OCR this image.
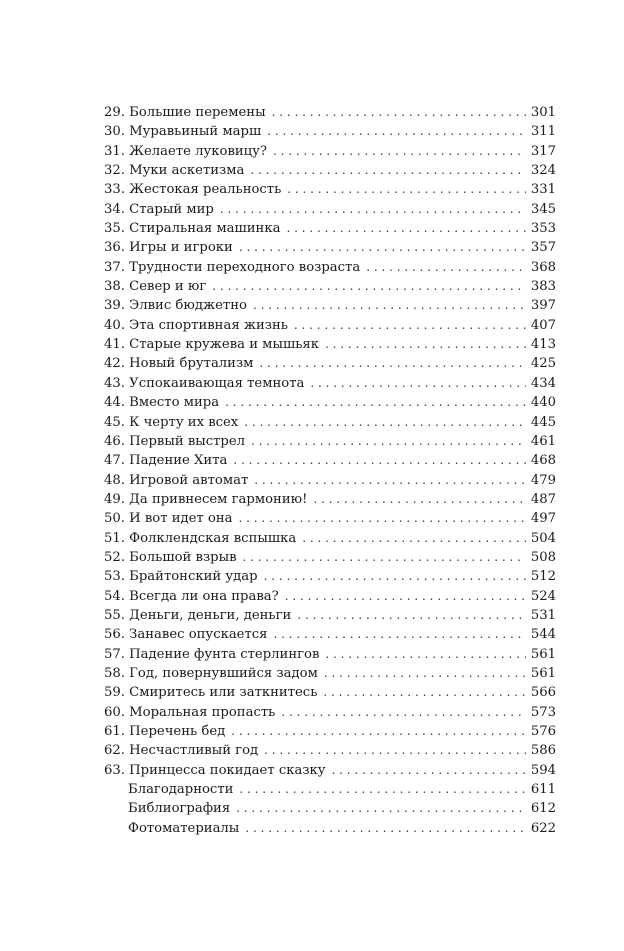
29. Большие перемены . . .	301
30. Муравьиный марш . . .	311
31. Желаете луковицу? . . .	317
32. Муки аскетизма . . .	324
33. Жестокая реальность . . .	331
34. Старый мир . . .	345
35. Стиральная машинка . . .	353
36. Игры и игроки . . .	357
37. Трудности переходного возраста . . .	368
38. Север и юг . . .	383
39. Элвис бюджетно . . .	397
40. Эта спортивная жизнь . . .	407
41. Старые кружева и мышьяк . . .	413
42. Новый брутализм . . .	425
43. Успокаивающая темнота . . .	434
44. Вместо мира . . .	440
45. К черту их всех . . .	445
46. Первый выстрел . . .	461
47. Падение Хита . . .	468
48. Игровой автомат . . .	479
49. Да привнесем гармонию! . . .	487
50. И вот идет она . . .	497
51. Фолклендская вспышка . . .	504
52. Большой взрыв . . .	508
53. Брайтонский удар . . .	512
54. Всегда ли она права? . . .	524
55. Деньги, деньги, деньги . . .	531
56. Занавес опускается . . .	544
57. Падение фунта стерлингов . . .	561
58. Год, повернувшийся задом . . .	561
59. Смиритесь или заткнитесь . . .	566
60. Моральная пропасть . . .	573
61. Перечень бед . . .	576
62. Несчастливый год . . .	586
63. Принцесса покидает сказку . . .	594
Благодарности . . .	611
Библиография . . .	612
Фотоматериалы . . .	622
